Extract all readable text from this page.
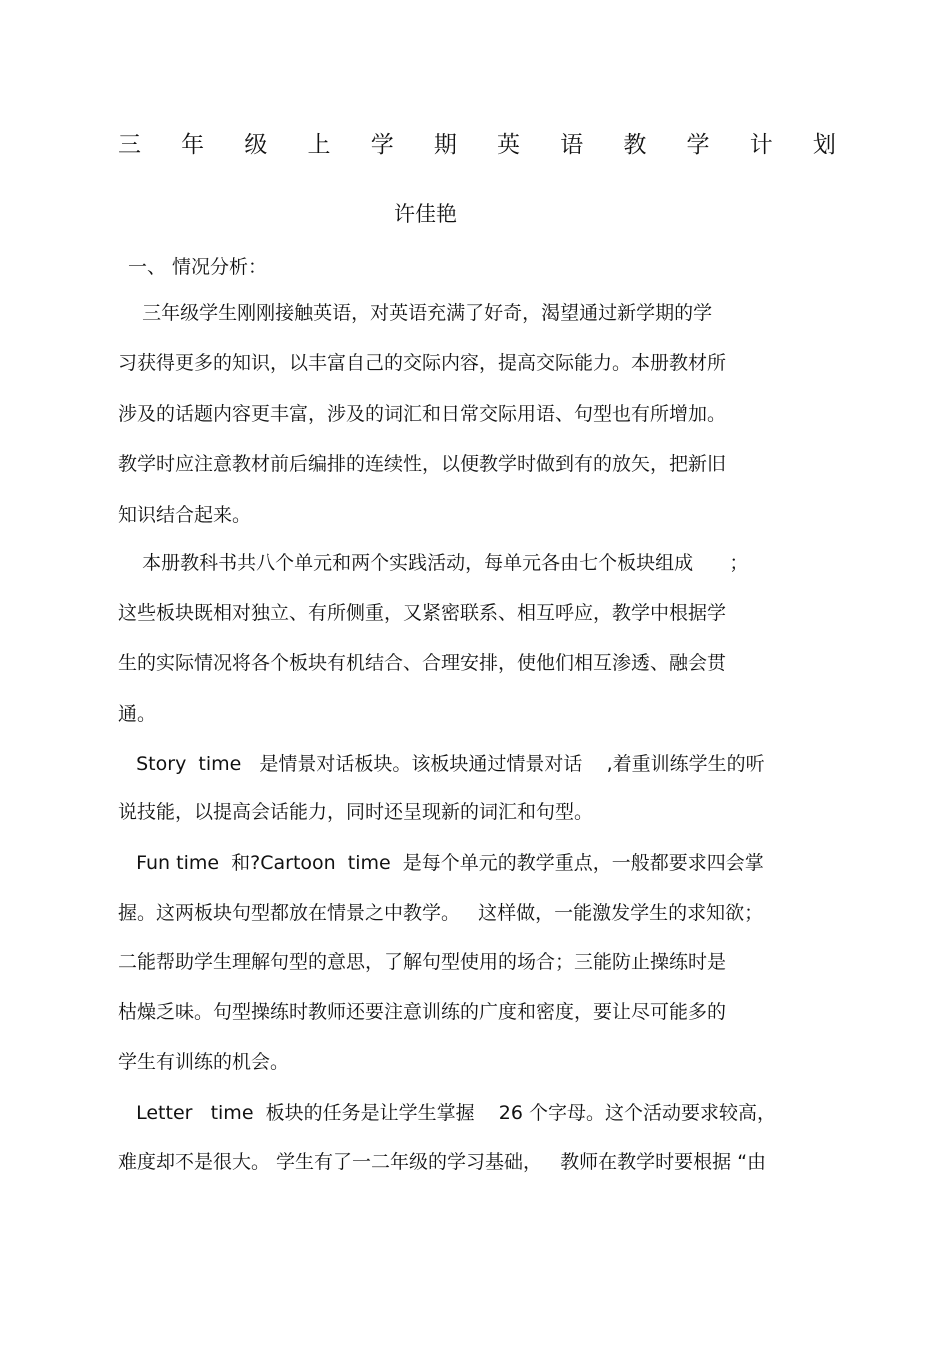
三 年 级 上 学 期 英 语 教 学 计 划
许佳艳
一、 情况分析：
三年级学生刚刚接触英语，对英语充满了好奇，渴望通过新学期的学
习获得更多的知识，以丰富自己的交际内容，提高交际能力。本册教材所
涉及的话题内容更丰富，涉及的词汇和日常交际用语、句型也有所增加。
教学时应注意教材前后编排的连续性，以便教学时做到有的放矢，把新旧
知识结合起来。
本册教科书共八个单元和两个实践活动，每单元各由七个板块组成      ；
这些板块既相对独立、有所侧重，又紧密联系、相互呼应，教学中根据学
生的实际情况将各个板块有机结合、合理安排，使他们相互渗透、融会贯
通。
Story  time   是情景对话板块。该板块通过情景对话    ,着重训练学生的听
说技能，以提高会话能力，同时还呈现新的词汇和句型。
Fun time  和?Cartoon  time  是每个单元的教学重点，一般都要求四会掌
握。这两板块句型都放在情景之中教学。   这样做，一能激发学生的求知欲；
二能帮助学生理解句型的意思，了解句型使用的场合；三能防止操练时是
枯燥乏味。句型操练时教师还要注意训练的广度和密度，要让尽可能多的
学生有训练的机会。
Letter   time  板块的任务是让学生掌握    26 个字母。这个活动要求较高，
难度却不是很大。 学生有了一二年级的学习基础，   教师在教学时要根据 “由
